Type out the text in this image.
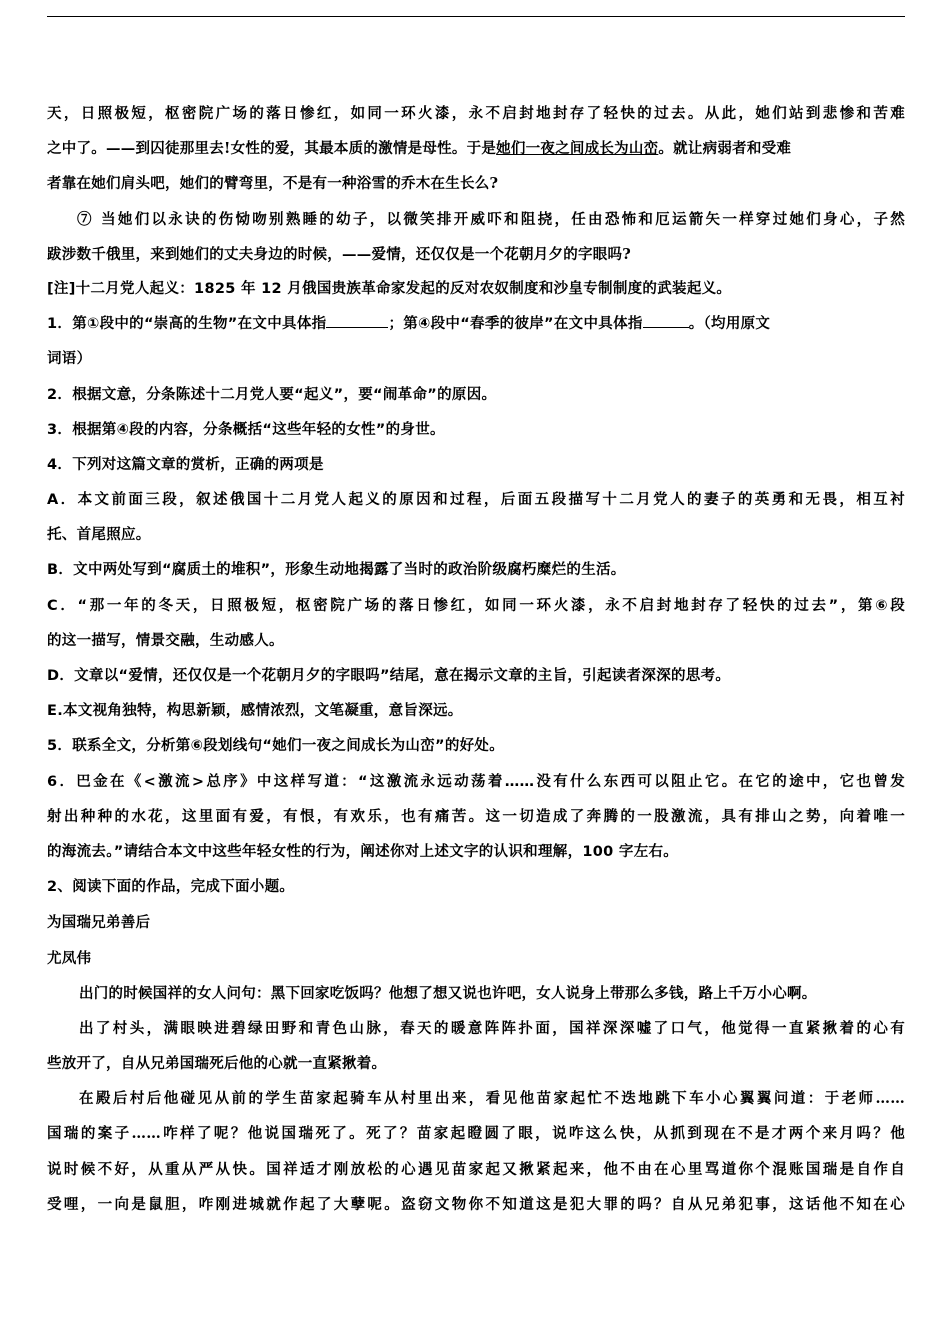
天，日照极短，枢密院广场的落日惨红，如同一环火漆，永不启封地封存了轻快的过去。从此，她们站到悲惨和苦难
之中了。——到囚徒那里去!女性的爱，其最本质的激情是母性。于是她们一夜之间成长为山峦。就让病弱者和受难
者靠在她们肩头吧，她们的臂弯里，不是有一种浴雪的乔木在生长么?
⑦ 当她们以永诀的伤恸吻别熟睡的幼子，以微笑排开威吓和阻挠，任由恐怖和厄运箭矢一样穿过她们身心，子然
跋涉数千俄里，来到她们的丈夫身边的时候，——爱情，还仅仅是一个花朝月夕的字眼吗?
[注]十二月党人起义：1825 年 12 月俄国贵族革命家发起的反对农奴制度和沙皇专制制度的武装起义。
1．第①段中的“崇高的生物”在文中具体指	；第④段中“春季的彼岸”在文中具体指	。（均用原文
词语）
2．根据文意，分条陈述十二月党人要“起义”，要“闹革命”的原因。
3．根据第④段的内容，分条概括“这些年轻的女性”的身世。
4．下列对这篇文章的赏析，正确的两项是
A．本文前面三段，叙述俄国十二月党人起义的原因和过程，后面五段描写十二月党人的妻子的英勇和无畏，相互衬
托、首尾照应。
B．文中两处写到“腐质土的堆积”，形象生动地揭露了当时的政治阶级腐朽糜烂的生活。
C．“那一年的冬天，日照极短，枢密院广场的落日惨红，如同一环火漆，永不启封地封存了轻快的过去”，第⑥段
的这一描写，情景交融，生动感人。
D．文章以“爱情，还仅仅是一个花朝月夕的字眼吗”结尾，意在揭示文章的主旨，引起读者深深的思考。
E.本文视角独特，构思新颖，感情浓烈，文笔凝重，意旨深远。
5．联系全文，分析第⑥段划线句“她们一夜之间成长为山峦”的好处。
6．巴金在《<激流>总序》中这样写道：“这激流永远动荡着……没有什么东西可以阻止它。在它的途中，它也曾发
射出种种的水花，这里面有爱，有恨，有欢乐，也有痛苦。这一切造成了奔腾的一股激流，具有排山之势，向着唯一
的海流去。”请结合本文中这些年轻女性的行为，阐述你对上述文字的认识和理解，100 字左右。
2、阅读下面的作品，完成下面小题。
为国瑞兄弟善后
尤凤伟
出门的时候国祥的女人问句：黑下回家吃饭吗？他想了想又说也许吧，女人说身上带那么多钱，路上千万小心啊。
出了村头，满眼映进碧绿田野和青色山脉，春天的暖意阵阵扑面，国祥深深嘘了口气，他觉得一直紧揪着的心有
些放开了，自从兄弟国瑞死后他的心就一直紧揪着。
在殿后村后他碰见从前的学生苗家起骑车从村里出来，看见他苗家起忙不迭地跳下车小心翼翼问道：于老师……
国瑞的案子……咋样了呢？他说国瑞死了。死了？苗家起瞪圆了眼，说咋这么快，从抓到现在不是才两个来月吗？他
说时候不好，从重从严从快。国祥适才刚放松的心遇见苗家起又揪紧起来，他不由在心里骂道你个混账国瑞是自作自
受哩，一向是鼠胆，咋刚进城就作起了大孽呢。盗窃文物你不知道这是犯大罪的吗？自从兄弟犯事，这话他不知在心
